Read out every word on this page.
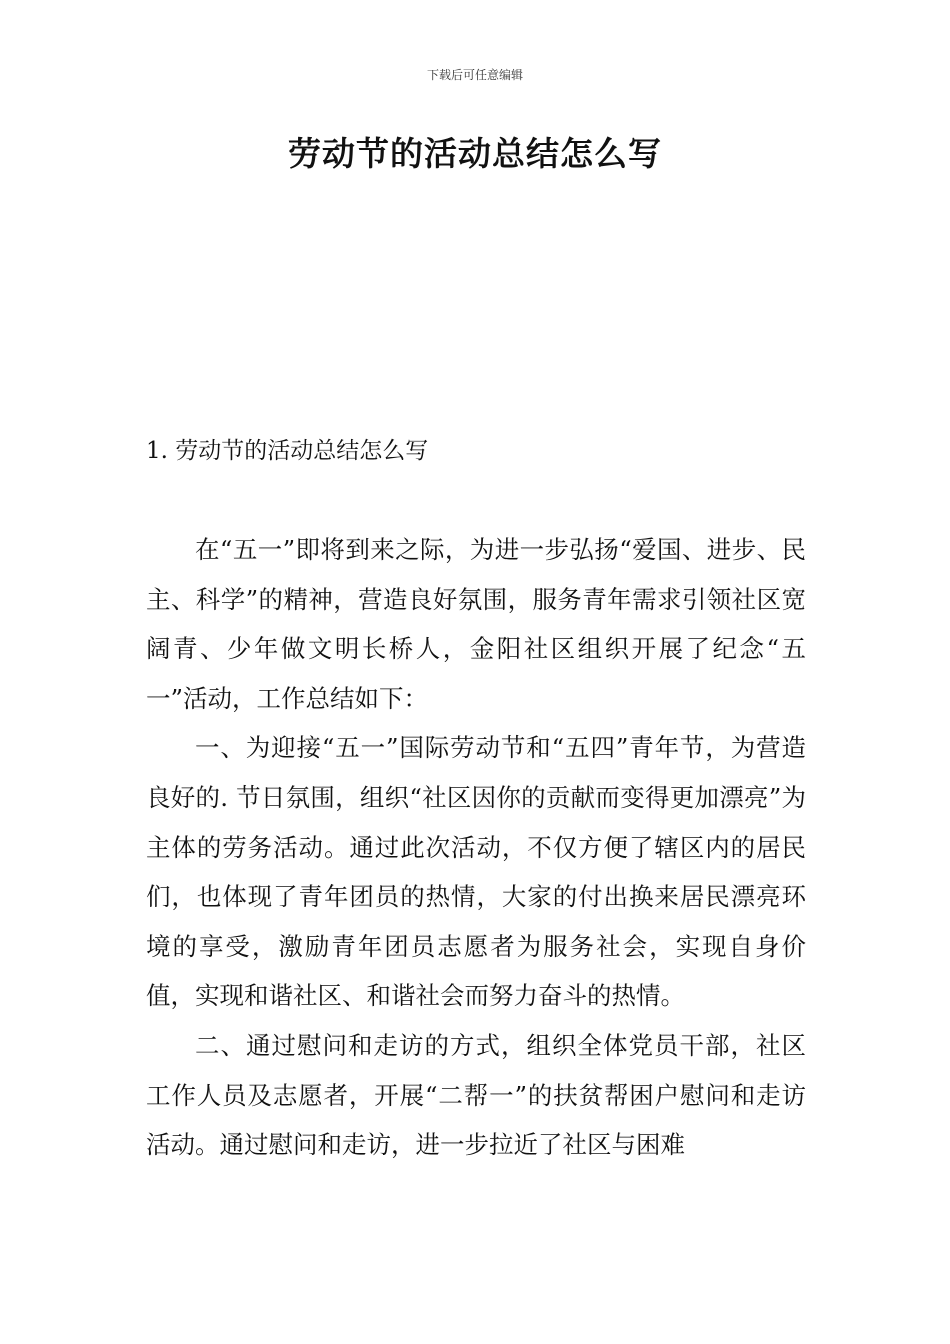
下载后可任意编辑
劳动节的活动总结怎么写
1. 劳动节的活动总结怎么写

在“五一”即将到来之际，为进一步弘扬“爱国、进步、民主、科学”的精神，营造良好氛围，服务青年需求引领社区宽阔青、少年做文明长桥人，金阳社区组织开展了纪念“五一”活动，工作总结如下：

一、为迎接“五一”国际劳动节和“五四”青年节，为营造良好的. 节日氛围，组织“社区因你的贡献而变得更加漂亮”为主体的劳务活动。通过此次活动，不仅方便了辖区内的居民们，也体现了青年团员的热情，大家的付出换来居民漂亮环境的享受，激励青年团员志愿者为服务社会，实现自身价值，实现和谐社区、和谐社会而努力奋斗的热情。

二、通过慰问和走访的方式，组织全体党员干部，社区工作人员及志愿者，开展“二帮一”的扶贫帮困户慰问和走访活动。通过慰问和走访，进一步拉近了社区与困难
